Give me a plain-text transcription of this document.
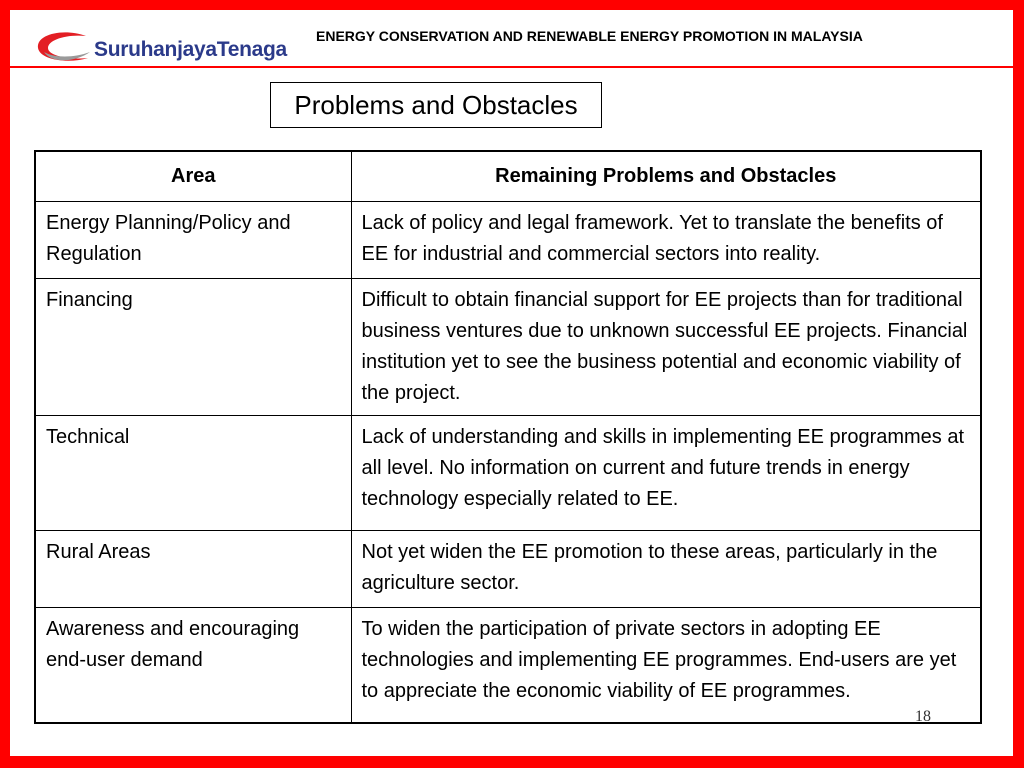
SuruhanjayaTenaga
ENERGY CONSERVATION AND RENEWABLE ENERGY PROMOTION IN MALAYSIA
Problems and Obstacles
Area	Remaining Problems and Obstacles
Energy Planning/Policy and Regulation	Lack of policy and legal framework. Yet to translate the benefits of EE for industrial and commercial sectors into reality.
Financing	Difficult to obtain financial support for EE projects than for traditional business ventures due to unknown successful EE projects. Financial institution yet to see the business potential and economic viability of the project.
Technical	Lack of understanding and skills in implementing EE programmes at all level. No information on current and future trends in energy technology especially related to EE.
Rural Areas	Not yet widen the EE promotion to these areas, particularly in the agriculture sector.
Awareness and encouraging end-user demand	To widen the participation of private sectors in adopting EE technologies and implementing EE programmes. End-users are yet to appreciate the economic viability of EE programmes.
18
